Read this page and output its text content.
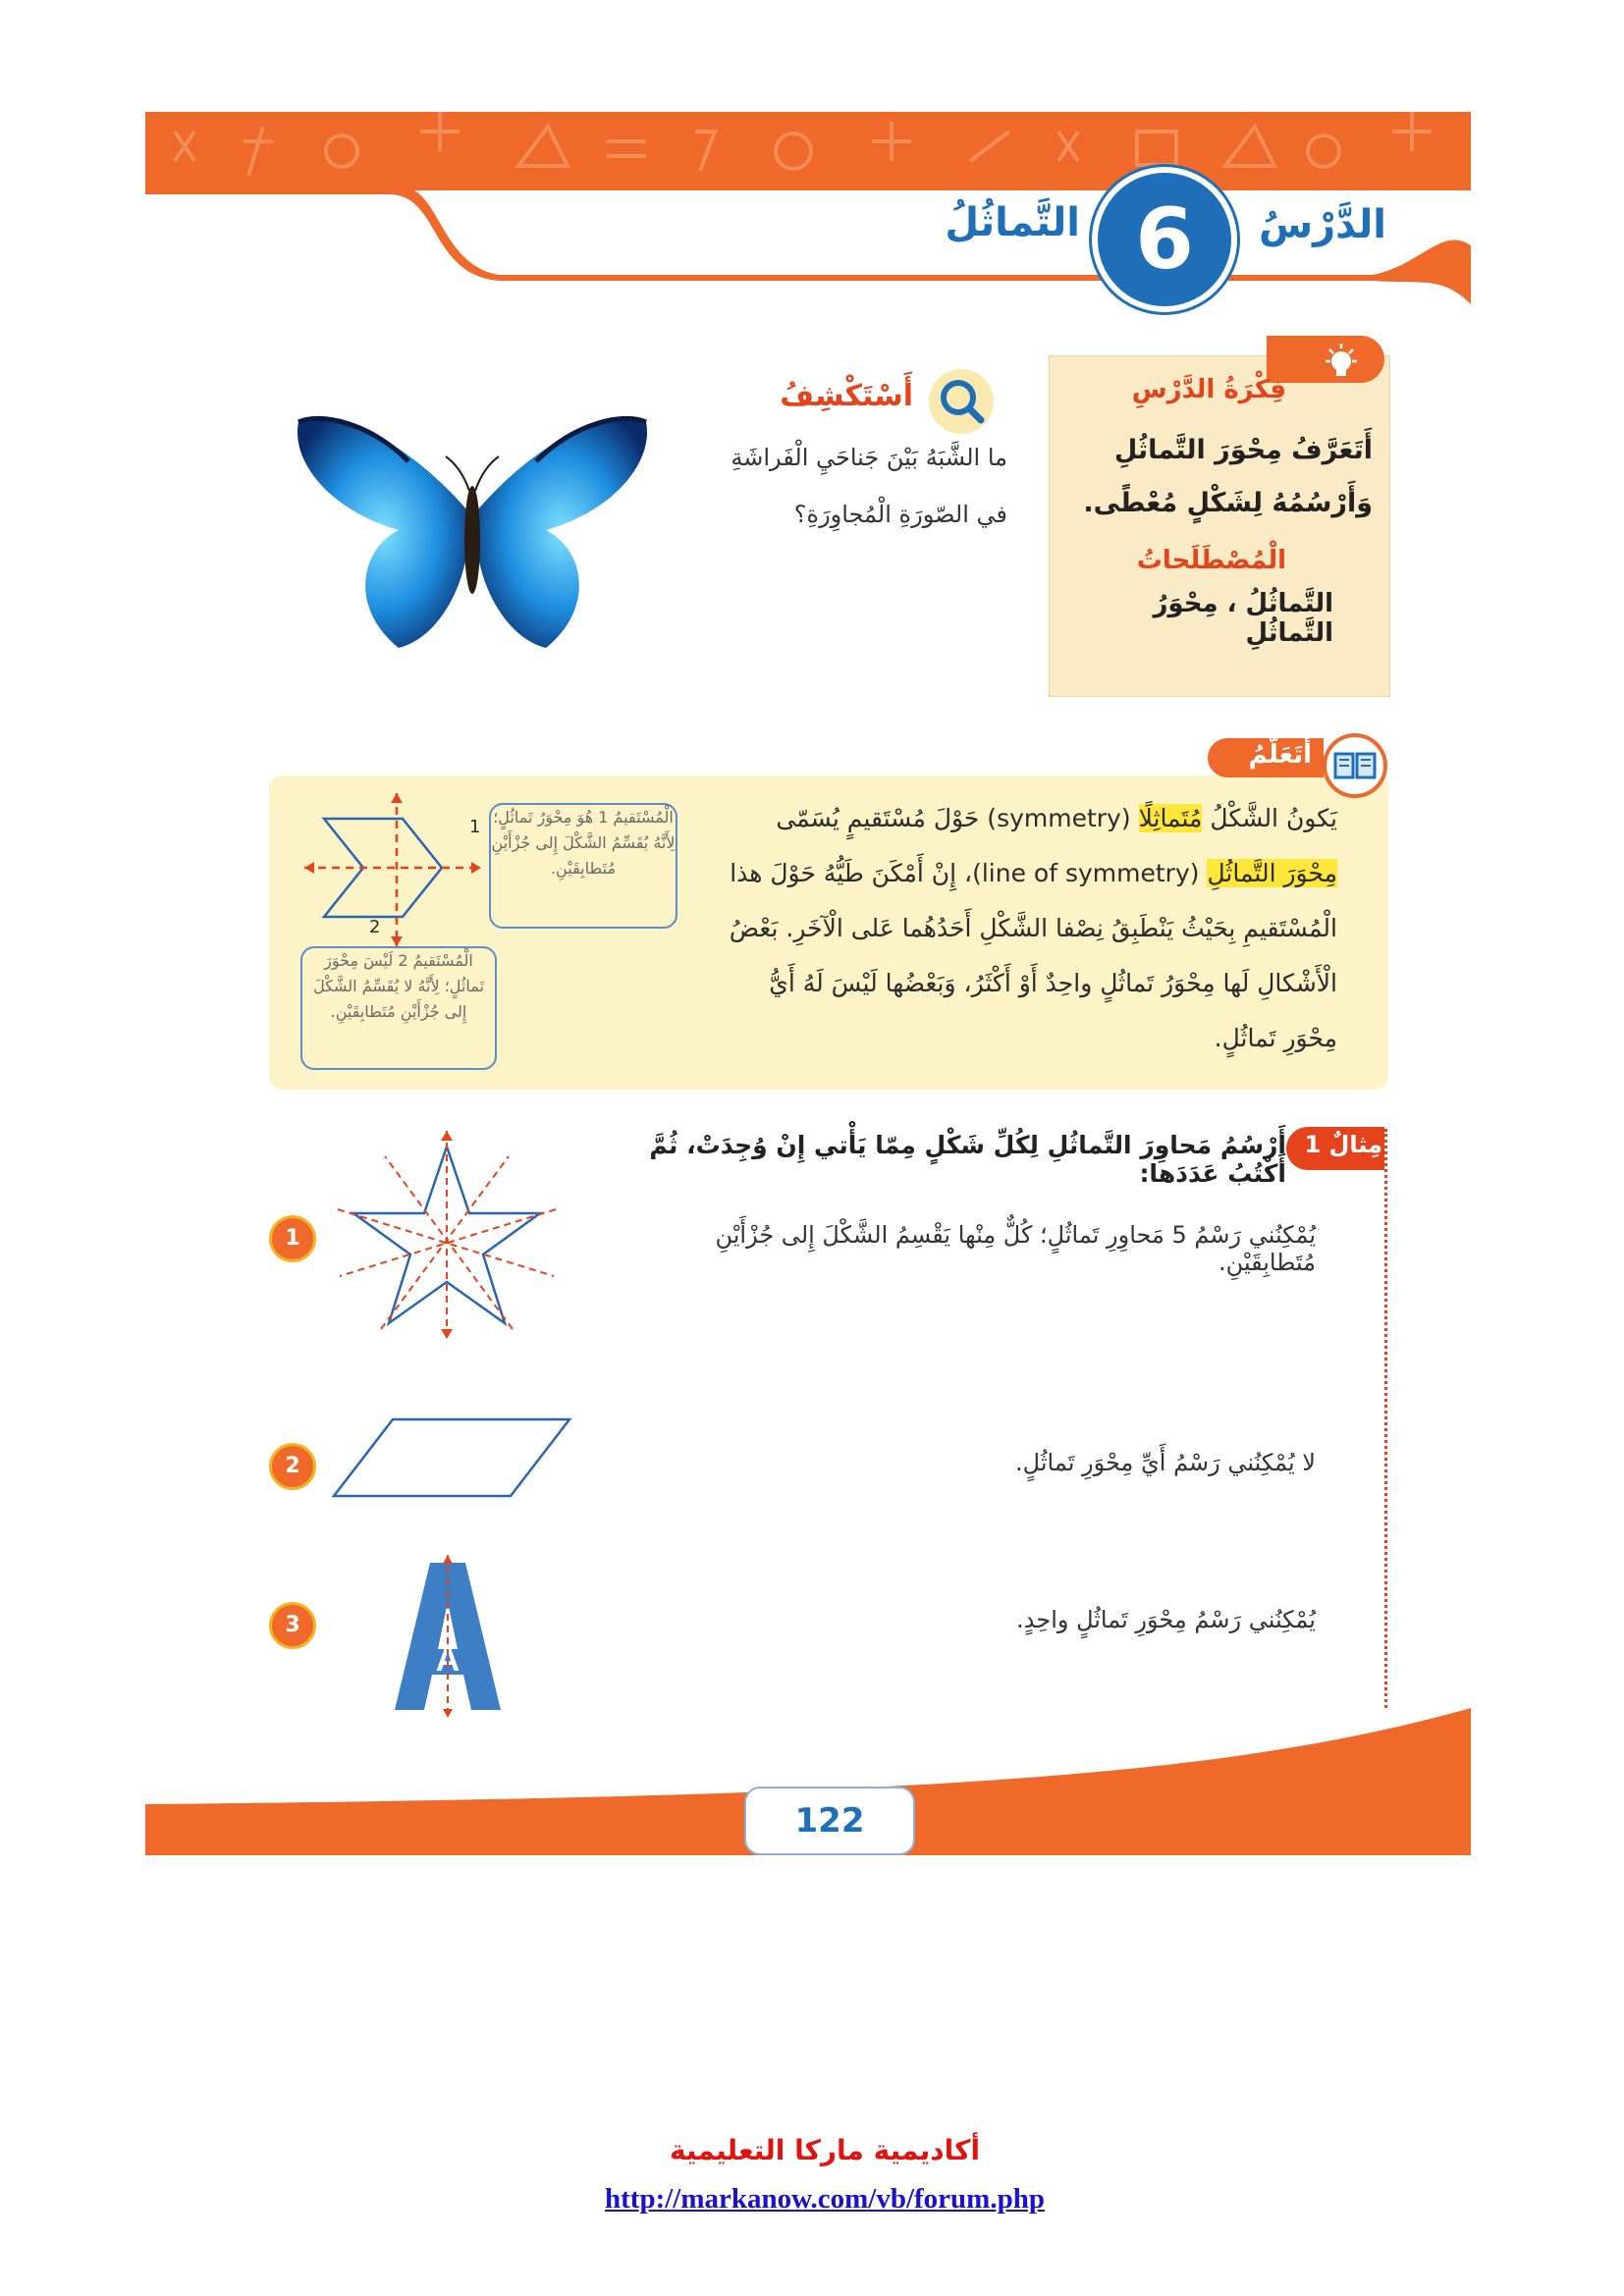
الدَّرْسُ
6
التَّماثُلُ
فِكْرَةُ الدَّرْسِ
أَتَعَرَّفُ مِحْوَرَ التَّماثُلِ وَأَرْسُمُهُ لِشَكْلٍ مُعْطًى.
الْمُصْطَلَحاتُ
التَّماثُلُ ، مِحْوَرُ التَّماثُلِ
أَسْتَكْشِفُ
ما الشَّبَهُ بَيْنَ جَناحَيِ الْفَراشَةِ
في الصّورَةِ الْمُجاوِرَةِ؟
أَتَعَلَّمُ
يَكونُ الشَّكْلُ مُتَماثِلًا (symmetry) حَوْلَ مُسْتَقيمٍ يُسَمّى مِحْوَرَ التَّماثُلِ (line of symmetry)، إِنْ أَمْكَنَ طَيُّهُ حَوْلَ هذا الْمُسْتَقيمِ بِحَيْثُ يَنْطَبِقُ نِصْفا الشَّكْلِ أَحَدُهُما عَلى الْآخَرِ. بَعْضُ الْأَشْكالِ لَها مِحْوَرُ تَماثُلٍ واحِدٌ أَوْ أَكْثَرُ، وَبَعْضُها لَيْسَ لَهُ أَيُّ مِحْوَرِ تَماثُلٍ.
1
2
الْمُسْتَقيمُ 1 هُوَ مِحْوَرُ تَماثُلٍ؛ لِأَنَّهُ يُقَسِّمُ الشَّكْلَ إِلى جُزْأَيْنِ مُتَطابِقَيْنِ.
الْمُسْتَقيمُ 2 لَيْسَ مِحْوَرَ تَماثُلٍ؛ لِأَنَّهُ لا يُقَسِّمُ الشَّكْلَ إِلى جُزْأَيْنِ مُتَطابِقَيْنِ.
مِثالٌ 1
أَرْسُمُ مَحاوِرَ التَّماثُلِ لِكُلِّ شَكْلٍ مِمّا يَأْتي إِنْ وُجِدَتْ، ثُمَّ أَكْتُبُ عَدَدَها:
1
2
3
يُمْكِنُني رَسْمُ 5 مَحاوِرِ تَماثُلٍ؛ كُلٌّ مِنْها يَقْسِمُ الشَّكْلَ إِلى جُزْأَيْنِ مُتَطابِقَيْنِ.
لا يُمْكِنُني رَسْمُ أَيِّ مِحْوَرِ تَماثُلٍ.
يُمْكِنُني رَسْمُ مِحْوَرِ تَماثُلٍ واحِدٍ.
A
122
أكاديمية ماركا التعليمية
http://markanow.com/vb/forum.php
